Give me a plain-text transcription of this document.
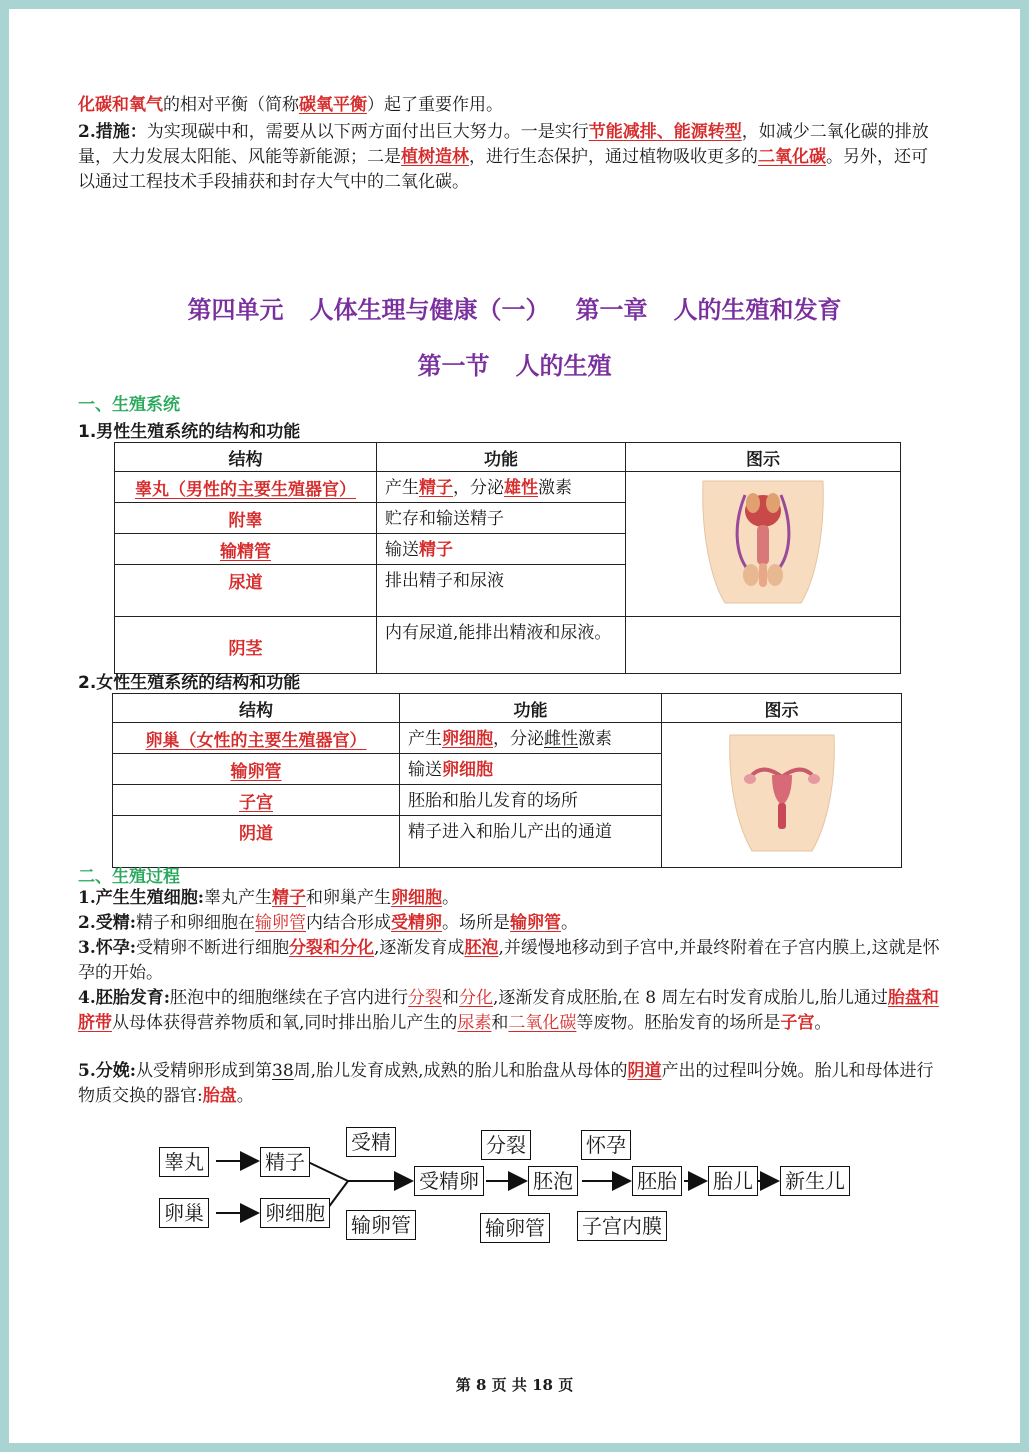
化碳和氧气的相对平衡（简称碳氧平衡）起了重要作用。

2.措施：为实现碳中和，需要从以下两方面付出巨大努力。一是实行节能减排、能源转型，如减少二氧化碳的排放量，大力发展太阳能、风能等新能源；二是植树造林，进行生态保护，通过植物吸收更多的二氧化碳。另外，还可以通过工程技术手段捕获和封存大气中的二氧化碳。

第四单元 人体生理与健康（一） 第一章 人的生殖和发育
第一节 人的生殖

一、生殖系统

1.男性生殖系统的结构和功能

结构	功能	图示
睾丸（男性的主要生殖器官）	产生精子，分泌雄性激素	
附睾	贮存和输送精子	
输精管	输送精子	
尿道	排出精子和尿液	
阴茎	内有尿道,能排出精液和尿液。	

2.女性生殖系统的结构和功能

结构	功能	图示
卵巢（女性的主要生殖器官）	产生卵细胞，分泌雌性激素	
输卵管	输送卵细胞	
子宫	胚胎和胎儿发育的场所	
阴道	精子进入和胎儿产出的通道	

二、生殖过程

1.产生生殖细胞:睾丸产生精子和卵巢产生卵细胞。

2.受精:精子和卵细胞在输卵管内结合形成受精卵。场所是输卵管。

3.怀孕:受精卵不断进行细胞分裂和分化,逐渐发育成胚泡,并缓慢地移动到子宫中,并最终附着在子宫内膜上,这就是怀孕的开始。

4.胚胎发育:胚泡中的细胞继续在子宫内进行分裂和分化,逐渐发育成胚胎,在 8 周左右时发育成胎儿,胎儿通过胎盘和脐带从母体获得营养物质和氧,同时排出胎儿产生的尿素和二氧化碳等废物。胚胎发育的场所是子宫。

5.分娩:从受精卵形成到第38周,胎儿发育成熟,成熟的胎儿和胎盘从母体的阴道产出的过程叫分娩。胎儿和母体进行物质交换的器官:胎盘。

睾丸	精子
卵巢	卵细胞
受精
输卵管
受精卵
分裂
输卵管
胚泡
怀孕
子宫内膜
胚胎 胎儿 新生儿
第 8 页 共 18 页
